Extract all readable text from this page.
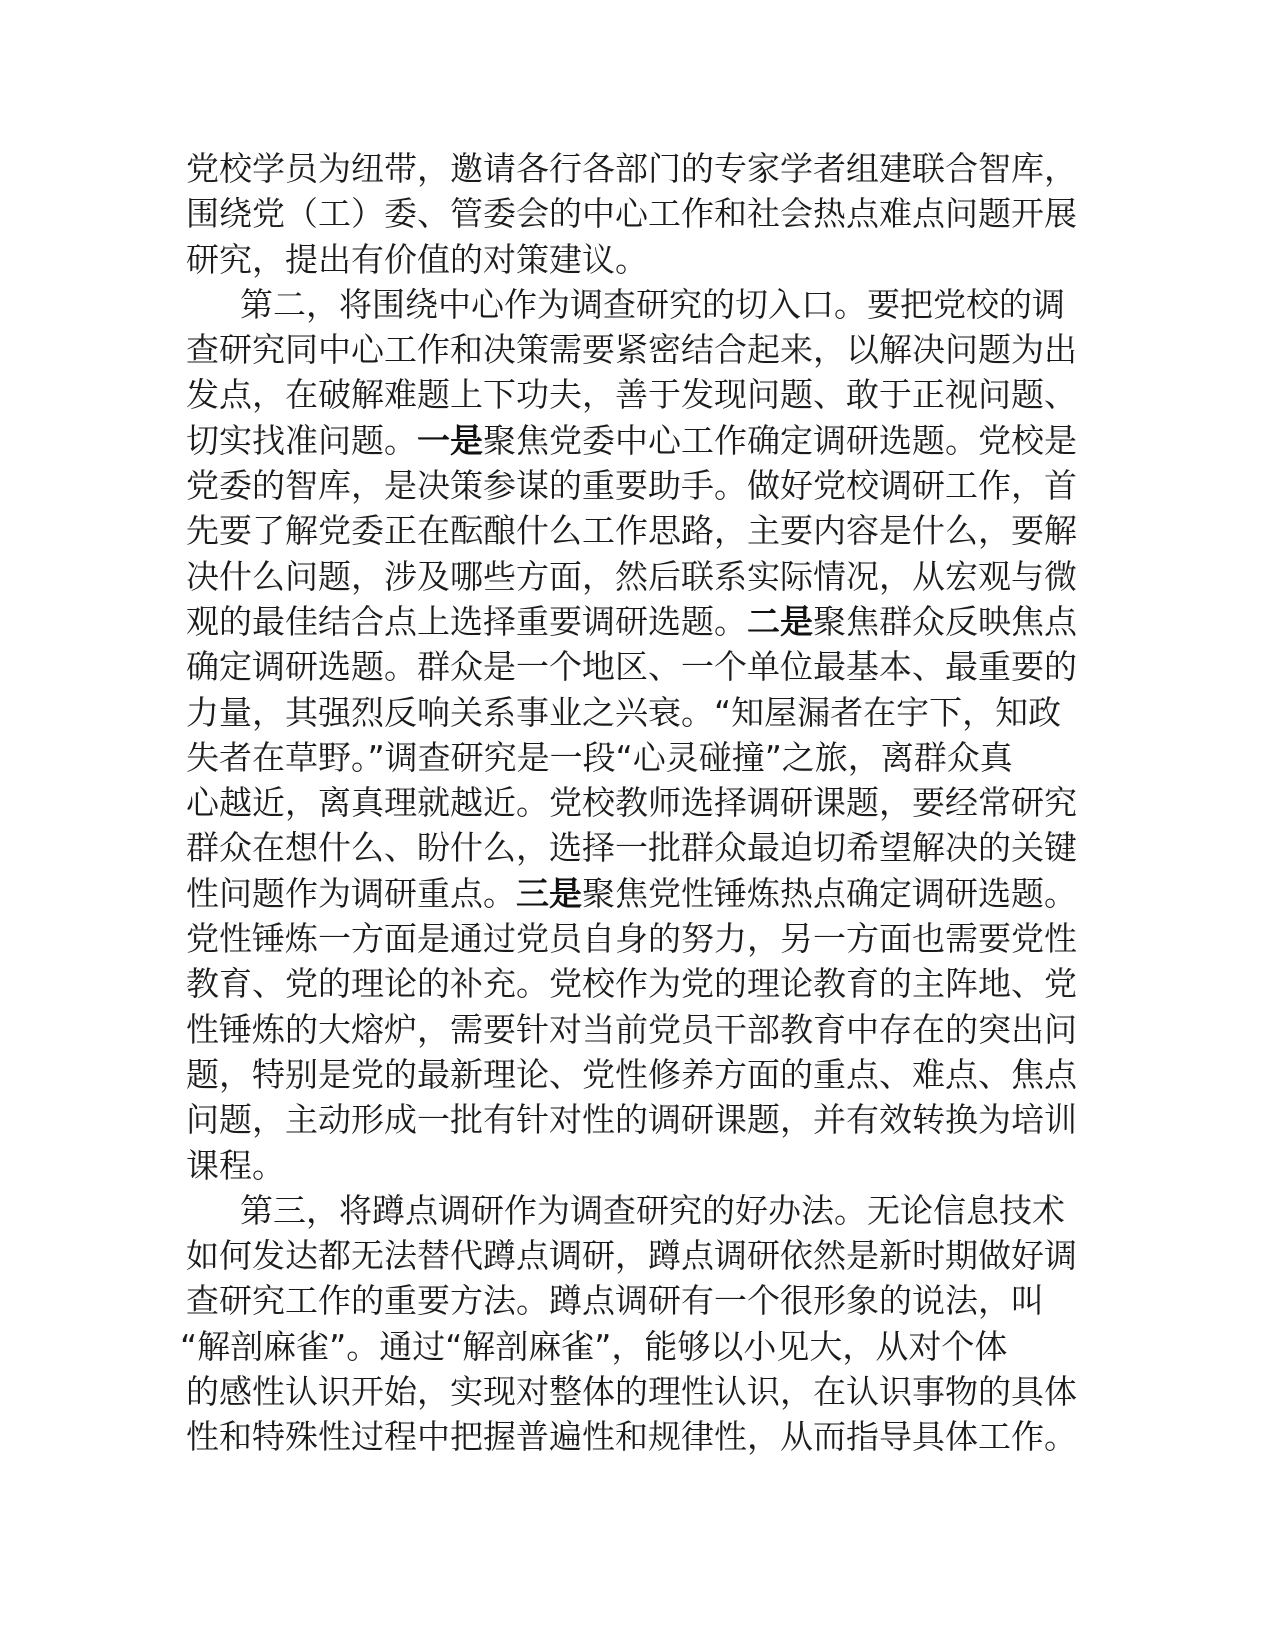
党校学员为纽带，邀请各行各部门的专家学者组建联合智库，
围绕党（工）委、管委会的中心工作和社会热点难点问题开展
研究，提出有价值的对策建议。
第二，将围绕中心作为调查研究的切入口。要把党校的调
查研究同中心工作和决策需要紧密结合起来，以解决问题为出
发点，在破解难题上下功夫，善于发现问题、敢于正视问题、
切实找准问题。一是聚焦党委中心工作确定调研选题。党校是
党委的智库，是决策参谋的重要助手。做好党校调研工作，首
先要了解党委正在酝酿什么工作思路，主要内容是什么，要解
决什么问题，涉及哪些方面，然后联系实际情况，从宏观与微
观的最佳结合点上选择重要调研选题。二是聚焦群众反映焦点
确定调研选题。群众是一个地区、一个单位最基本、最重要的
力量，其强烈反响关系事业之兴衰。“知屋漏者在宇下，知政
失者在草野。”调查研究是一段“心灵碰撞”之旅，离群众真
心越近，离真理就越近。党校教师选择调研课题，要经常研究
群众在想什么、盼什么，选择一批群众最迫切希望解决的关键
性问题作为调研重点。三是聚焦党性锤炼热点确定调研选题。
党性锤炼一方面是通过党员自身的努力，另一方面也需要党性
教育、党的理论的补充。党校作为党的理论教育的主阵地、党
性锤炼的大熔炉，需要针对当前党员干部教育中存在的突出问
题，特别是党的最新理论、党性修养方面的重点、难点、焦点
问题，主动形成一批有针对性的调研课题，并有效转换为培训
课程。
第三，将蹲点调研作为调查研究的好办法。无论信息技术
如何发达都无法替代蹲点调研，蹲点调研依然是新时期做好调
查研究工作的重要方法。蹲点调研有一个很形象的说法，叫
“解剖麻雀”。通过“解剖麻雀”，能够以小见大，从对个体
的感性认识开始，实现对整体的理性认识，在认识事物的具体
性和特殊性过程中把握普遍性和规律性，从而指导具体工作。
